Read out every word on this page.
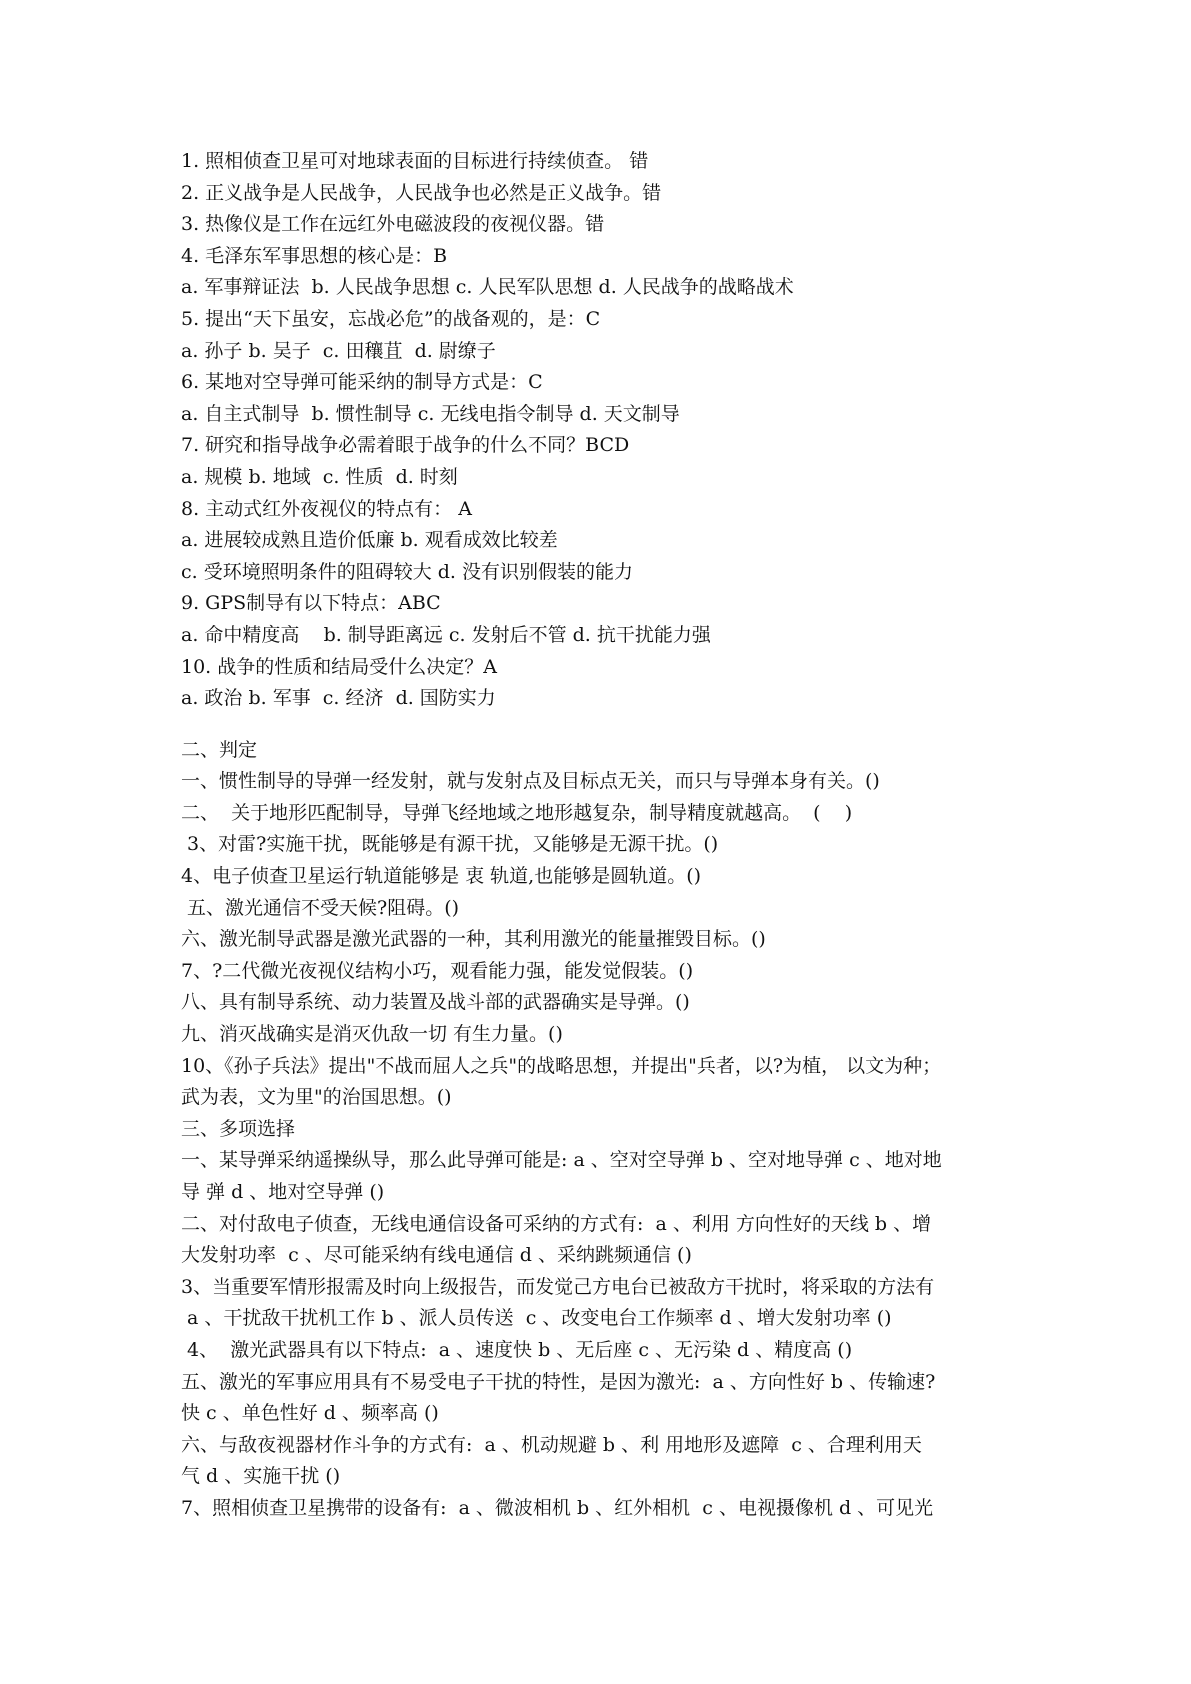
1. 照相侦查卫星可对地球表面的目标进行持续侦查。 错
2. 正义战争是人民战争，人民战争也必然是正义战争。错
3. 热像仪是工作在远红外电磁波段的夜视仪器。错
4. 毛泽东军事思想的核心是：B
a. 军事辩证法  b. 人民战争思想 c. 人民军队思想 d. 人民战争的战略战术
5. 提出“天下虽安，忘战必危”的战备观的，是：C
a. 孙子 b. 吴子  c. 田穰苴  d. 尉缭子
6. 某地对空导弹可能采纳的制导方式是：C
a. 自主式制导  b. 惯性制导 c. 无线电指令制导 d. 天文制导
7. 研究和指导战争必需着眼于战争的什么不同？BCD
a. 规模 b. 地域  c. 性质  d. 时刻
8. 主动式红外夜视仪的特点有： A
a. 进展较成熟且造价低廉 b. 观看成效比较差
c. 受环境照明条件的阻碍较大 d. 没有识别假装的能力
9. GPS制导有以下特点：ABC
a. 命中精度高    b. 制导距离远 c. 发射后不管 d. 抗干扰能力强
10. 战争的性质和结局受什么决定？A
a. 政治 b. 军事  c. 经济  d. 国防实力
二、判定
一、惯性制导的导弹一经发射，就与发射点及目标点无关，而只与导弹本身有关。()
二、  关于地形匹配制导，导弹飞经地域之地形越复杂，制导精度就越高。  (    )
3、对雷?实施干扰，既能够是有源干扰，又能够是无源干扰。()
4、电子侦查卫星运行轨道能够是 衷 轨道,也能够是圆轨道。()
五、激光通信不受天候?阻碍。()
六、激光制导武器是激光武器的一种，其利用激光的能量摧毁目标。()
7、?二代微光夜视仪结构小巧，观看能力强，能发觉假装。()
八、具有制导系统、动力装置及战斗部的武器确实是导弹。()
九、消灭战确实是消灭仇敌一切 有生力量。()
10、《孙子兵法》提出"不战而屈人之兵"的战略思想，并提出"兵者，以?为植， 以文为种；
武为表，文为里"的治国思想。()
三、多项选择
一、某导弹采纳遥操纵导，那么此导弹可能是: a 、空对空导弹 b 、空对地导弹 c 、地对地
导 弹 d 、地对空导弹 ()
二、对付敌电子侦查，无线电通信设备可采纳的方式有:  a 、利用 方向性好的天线 b 、增
大发射功率  c 、尽可能采纳有线电通信 d 、采纳跳频通信 ()
3、当重要军情形报需及时向上级报告，而发觉己方电台已被敌方干扰时，将采取的方法有
a 、干扰敌干扰机工作 b 、派人员传送  c 、改变电台工作频率 d 、增大发射功率 ()
4、  激光武器具有以下特点:  a 、速度快 b 、无后座 c 、无污染 d 、精度高 ()
五、激光的军事应用具有不易受电子干扰的特性，是因为激光:  a 、方向性好 b 、传输速?
快 c 、单色性好 d 、频率高 ()
六、与敌夜视器材作斗争的方式有:  a 、机动规避 b 、利 用地形及遮障  c 、合理利用天
气 d 、实施干扰 ()
7、照相侦查卫星携带的设备有:  a 、微波相机 b 、红外相机  c 、电视摄像机 d 、可见光
